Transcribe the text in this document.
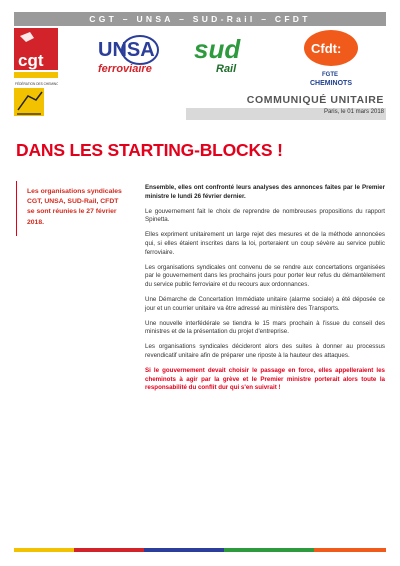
CGT – UNSA – SUD-Rail – CFDT
cgt
FÉDÉRATION DES CHEMINOTS
UNSA
ferroviaire
sud
Rail
Cfdt:
FGTE
CHEMINOTS
COMMUNIQUÉ UNITAIRE
Paris, le 01 mars 2018
DANS LES STARTING-BLOCKS !

Les organisations syndicales CGT, UNSA, SUD-Rail, CFDT se sont réunies le 27 février 2018.

Ensemble, elles ont confronté leurs analyses des annonces faites par le Premier ministre le lundi 26 février dernier.

Le gouvernement fait le choix de reprendre de nombreuses propositions du rapport Spinetta.

Elles expriment unitairement un large rejet des mesures et de la méthode annoncées qui, si elles étaient inscrites dans la loi, porteraient un coup sévère au service public ferroviaire.

Les organisations syndicales ont convenu de se rendre aux concertations organisées par le gouvernement dans les prochains jours pour porter leur refus du démantèlement du service public ferroviaire et du recours aux ordonnances.

Une Démarche de Concertation Immédiate unitaire (alarme sociale) a été déposée ce jour et un courrier unitaire va être adressé au ministère des Transports.

Une nouvelle interfédérale se tiendra le 15 mars prochain à l'issue du conseil des ministres et de la présentation du projet d'entreprise.

Les organisations syndicales décideront alors des suites à donner au processus revendicatif unitaire afin de préparer une riposte à la hauteur des attaques.

Si le gouvernement devait choisir le passage en force, elles appelleraient les cheminots à agir par la grève et le Premier ministre porterait alors toute la responsabilité du conflit dur qui s'en suivrait !
